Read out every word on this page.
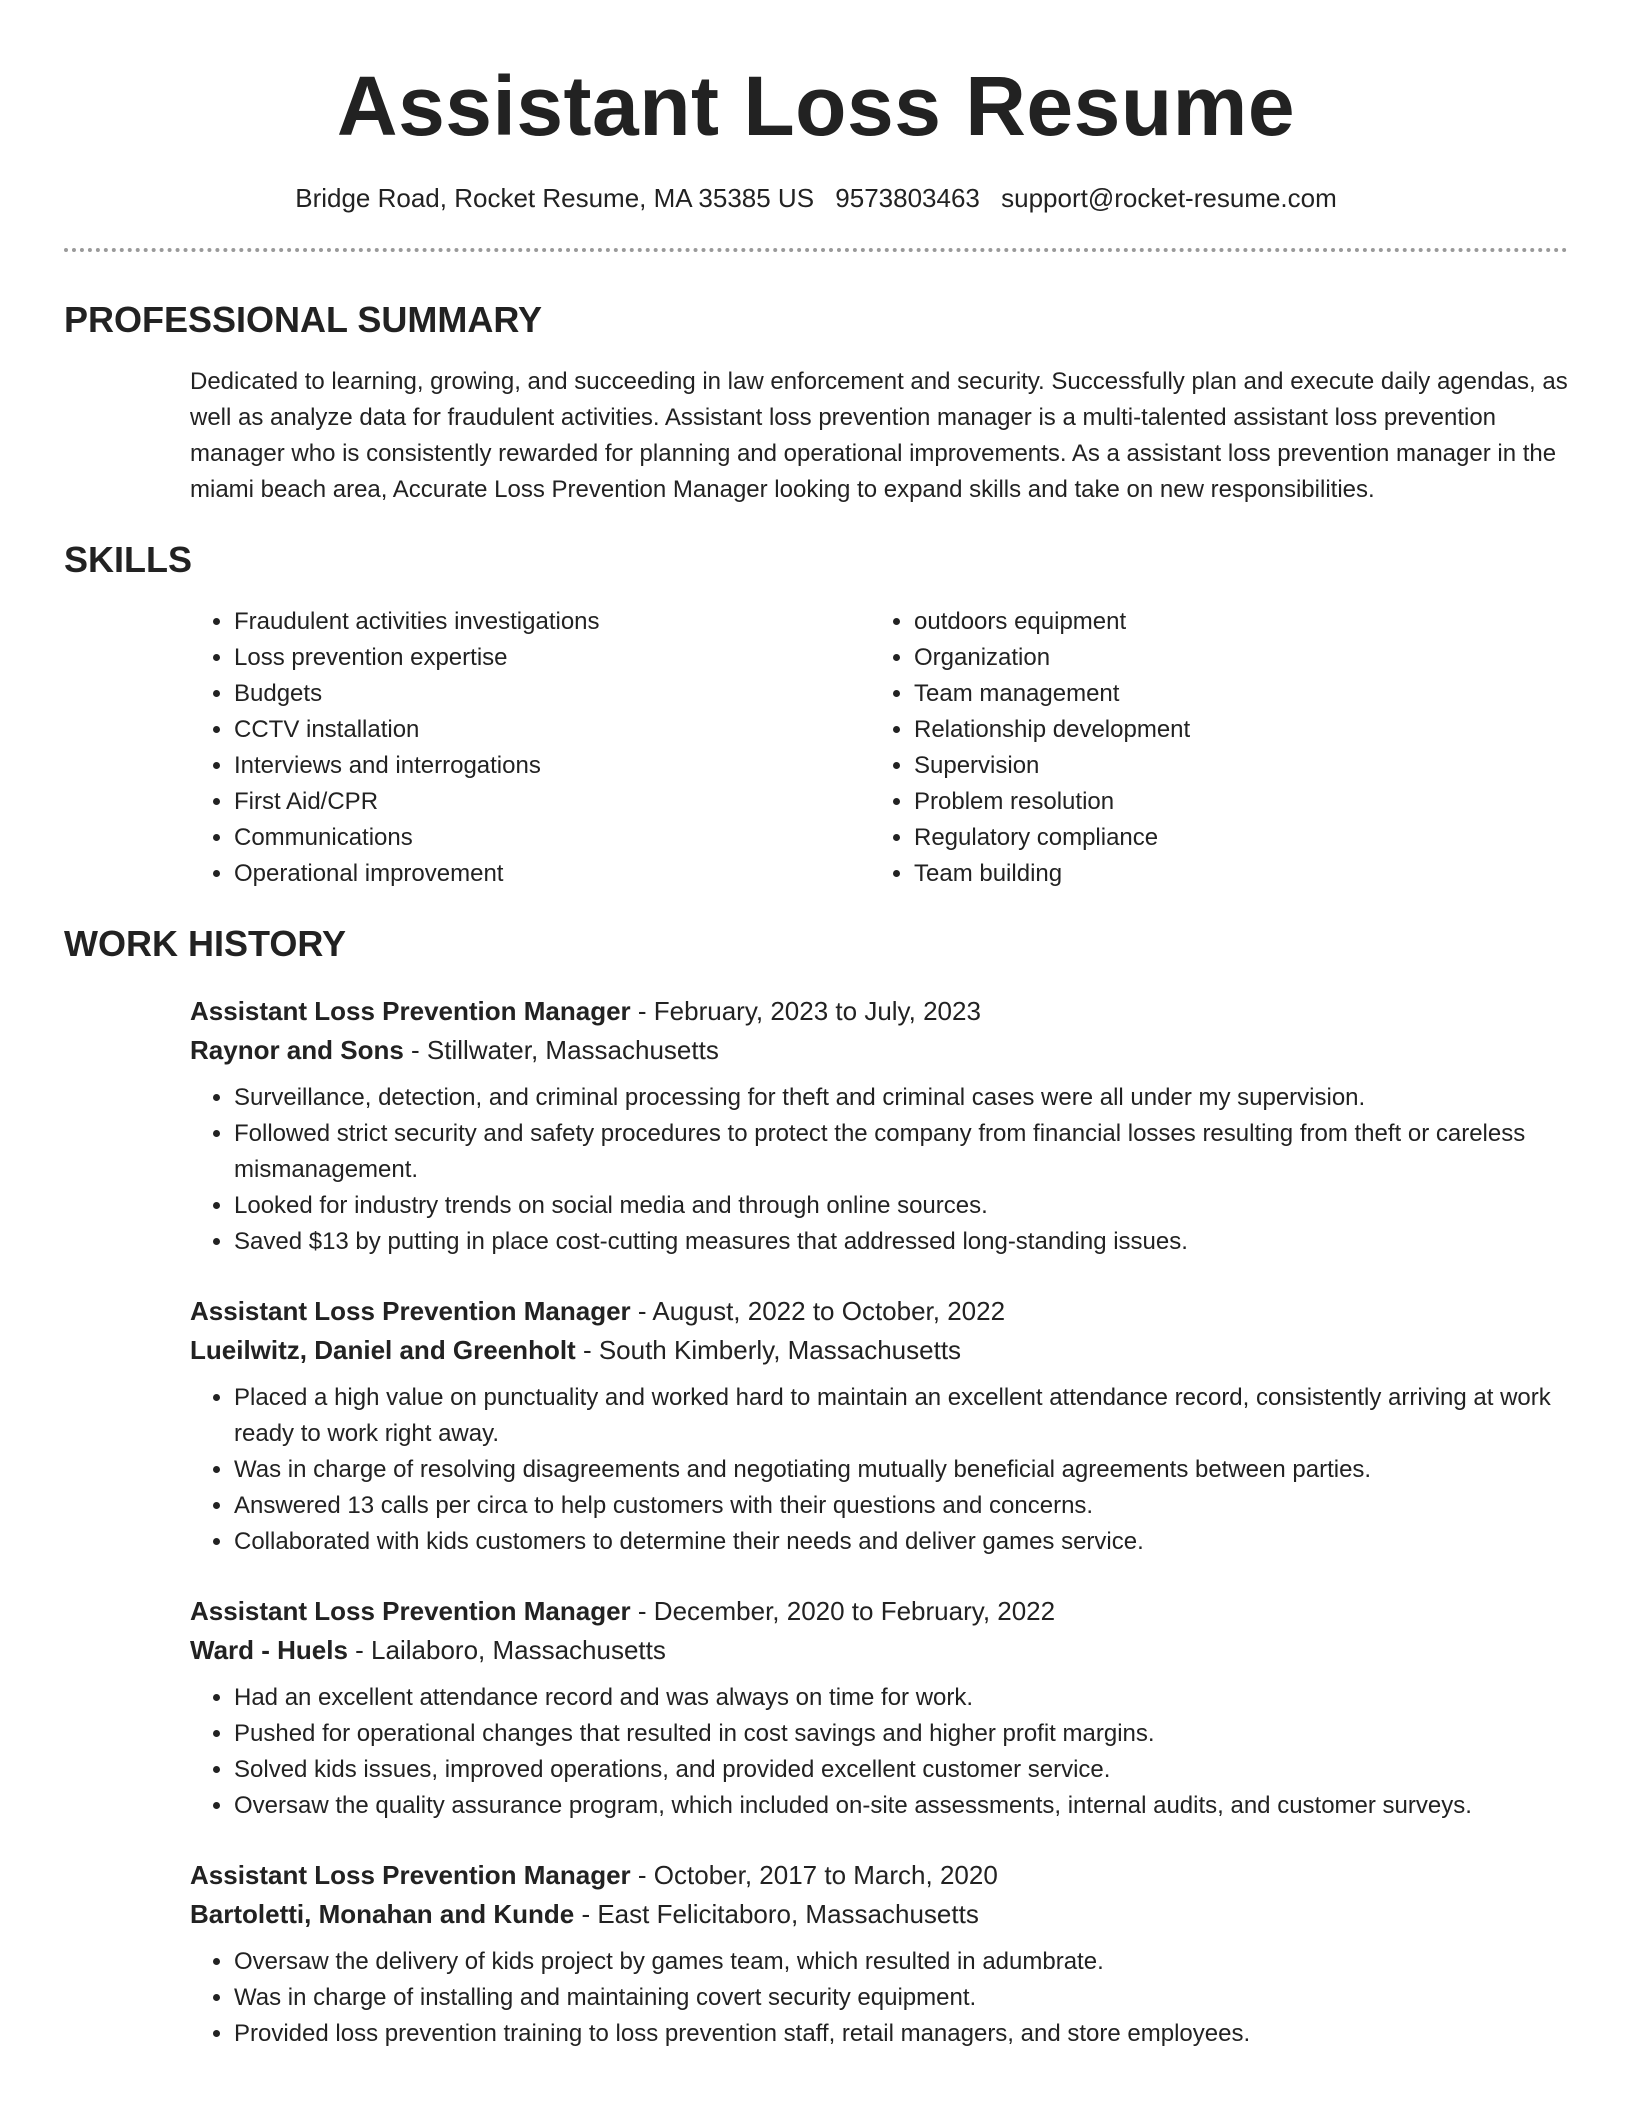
Assistant Loss Resume
Bridge Road, Rocket Resume, MA 35385 US 9573803463 support@rocket-resume.com
PROFESSIONAL SUMMARY

Dedicated to learning, growing, and succeeding in law enforcement and security. Successfully plan and execute daily agendas, as well as analyze data for fraudulent activities. Assistant loss prevention manager is a multi-talented assistant loss prevention manager who is consistently rewarded for planning and operational improvements. As a assistant loss prevention manager in the miami beach area, Accurate Loss Prevention Manager looking to expand skills and take on new responsibilities.

SKILLS
• Fraudulent activities investigations
• Loss prevention expertise
• Budgets
• CCTV installation
• Interviews and interrogations
• First Aid/CPR
• Communications
• Operational improvement
• outdoors equipment
• Organization
• Team management
• Relationship development
• Supervision
• Problem resolution
• Regulatory compliance
• Team building
WORK HISTORY
Assistant Loss Prevention Manager - February, 2023 to July, 2023
Raynor and Sons - Stillwater, Massachusetts
• Surveillance, detection, and criminal processing for theft and criminal cases were all under my supervision.
• Followed strict security and safety procedures to protect the company from financial losses resulting from theft or careless mismanagement.
• Looked for industry trends on social media and through online sources.
• Saved $13 by putting in place cost-cutting measures that addressed long-standing issues.
Assistant Loss Prevention Manager - August, 2022 to October, 2022
Lueilwitz, Daniel and Greenholt - South Kimberly, Massachusetts
• Placed a high value on punctuality and worked hard to maintain an excellent attendance record, consistently arriving at work ready to work right away.
• Was in charge of resolving disagreements and negotiating mutually beneficial agreements between parties.
• Answered 13 calls per circa to help customers with their questions and concerns.
• Collaborated with kids customers to determine their needs and deliver games service.
Assistant Loss Prevention Manager - December, 2020 to February, 2022
Ward - Huels - Lailaboro, Massachusetts
• Had an excellent attendance record and was always on time for work.
• Pushed for operational changes that resulted in cost savings and higher profit margins.
• Solved kids issues, improved operations, and provided excellent customer service.
• Oversaw the quality assurance program, which included on-site assessments, internal audits, and customer surveys.
Assistant Loss Prevention Manager - October, 2017 to March, 2020
Bartoletti, Monahan and Kunde - East Felicitaboro, Massachusetts
• Oversaw the delivery of kids project by games team, which resulted in adumbrate.
• Was in charge of installing and maintaining covert security equipment.
• Provided loss prevention training to loss prevention staff, retail managers, and store employees.
